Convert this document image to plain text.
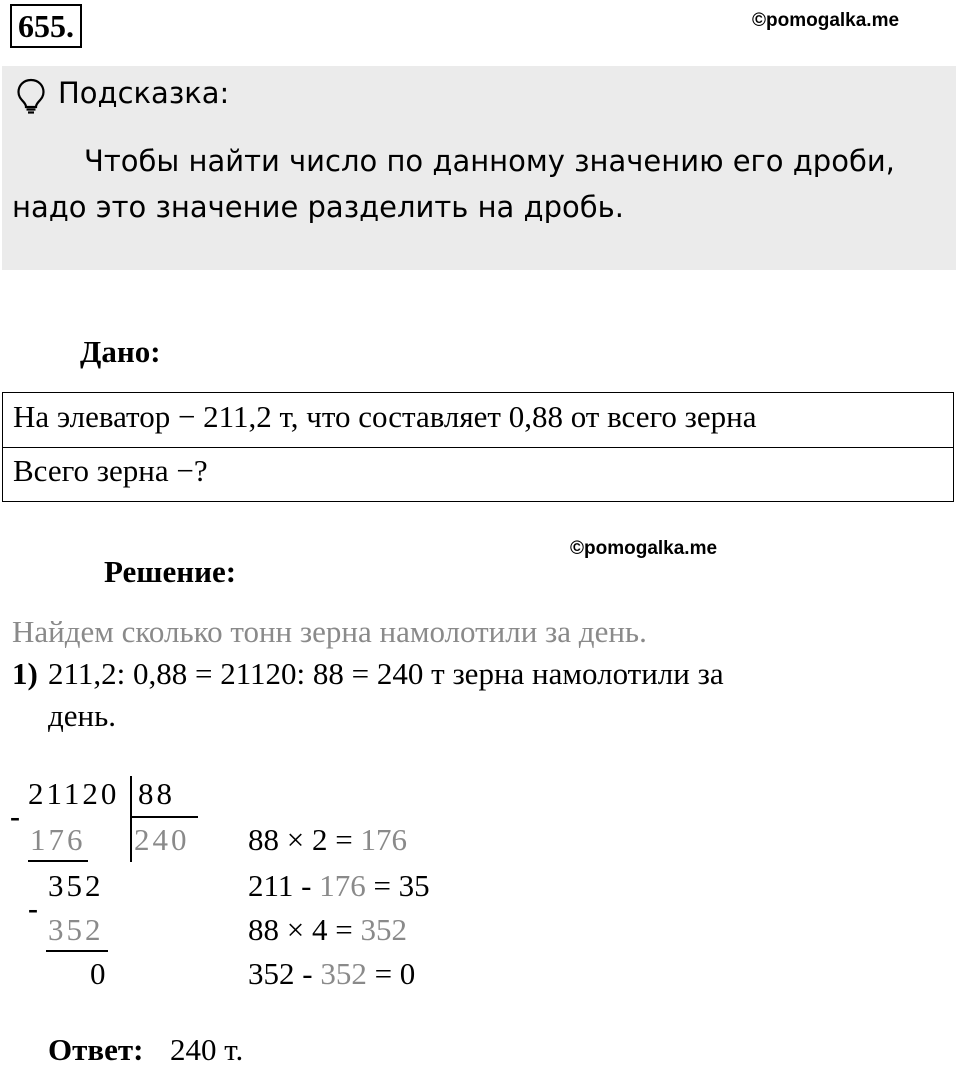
655.	©pomogalka.me
Подсказка:
Чтобы найти число по данному значению его дроби,
надо это значение разделить на дробь.
Дано:
На элеватор − 211,2 т, что составляет 0,88 от всего зерна
Всего зерна −?
©pomogalka.me
Решение:
Найдем сколько тонн зерна намолотили за день.
1) 211,2: 0,88 = 21120: 88 = 240 т зерна намолотили за
день.
21120 88
-
176 240
352
-
352
0
88 × 2 = 176
211 - 176 = 35
88 × 4 = 352
352 - 352 = 0
Ответ: 240 т.
